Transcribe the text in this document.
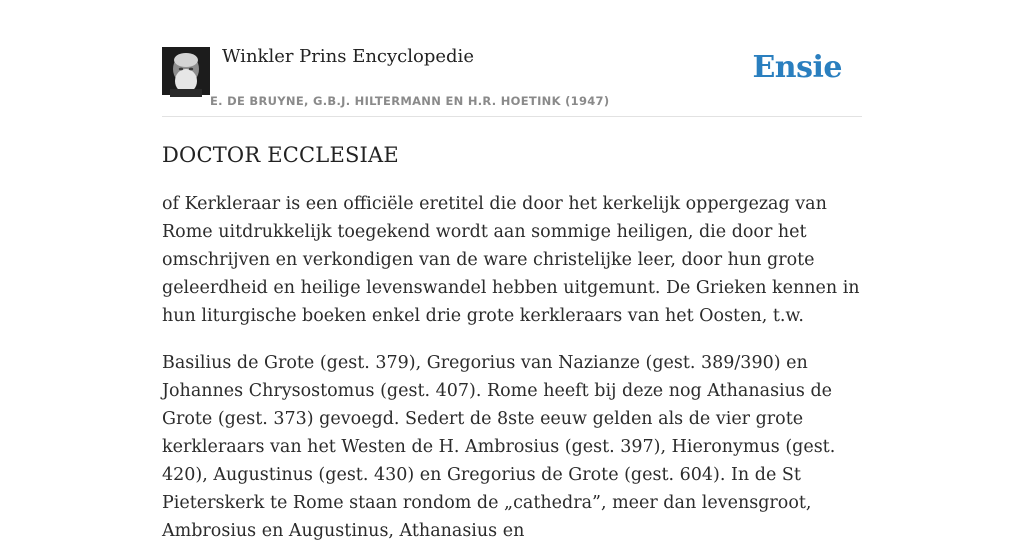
Winkler Prins Encyclopedie
E. DE BRUYNE, G.B.J. HILTERMANN EN H.R. HOETINK (1947)
Ensie
DOCTOR ECCLESIAE

of Kerkleraar is een officiële eretitel die door het kerkelijk oppergezag van Rome uitdrukkelijk toegekend wordt aan sommige heiligen, die door het omschrijven en verkondigen van de ware christelijke leer, door hun grote geleerdheid en heilige levenswandel hebben uitgemunt. De Grieken kennen in hun liturgische boeken enkel drie grote kerkleraars van het Oosten, t.w.

Basilius de Grote (gest. 379), Gregorius van Nazianze (gest. 389/390) en Johannes Chrysostomus (gest. 407). Rome heeft bij deze nog Athanasius de Grote (gest. 373) gevoegd. Sedert de 8ste eeuw gelden als de vier grote kerkleraars van het Westen de H. Ambrosius (gest. 397), Hieronymus (gest. 420), Augustinus (gest. 430) en Gregorius de Grote (gest. 604). In de St Pieterskerk te Rome staan rondom de „cathedra”, meer dan levensgroot, Ambrosius en Augustinus, Athanasius en
